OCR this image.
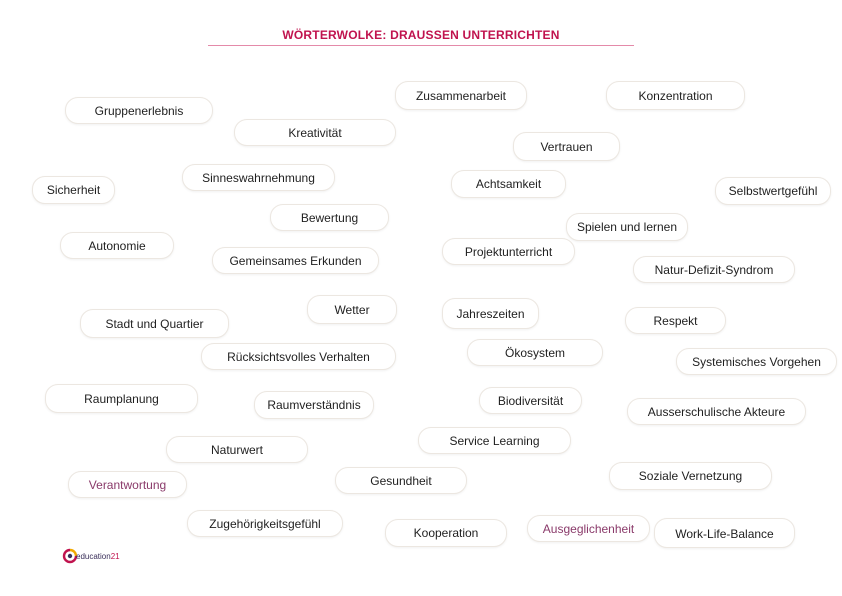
WÖRTERWOLKE: DRAUSSEN UNTERRICHTEN
Zusammenarbeit	Konzentration
Gruppenerlebnis
Kreativität
Vertrauen
Sinneswahrnehmung	Achtsamkeit
Sicherheit	Selbstwertgefühl
Bewertung
Spielen und lernen
Autonomie	Projektunterricht
Gemeinsames Erkunden
Natur-Defizit-Syndrom
Wetter	Jahreszeiten
Stadt und Quartier	Respekt
Ökosystem
Rücksichtsvolles Verhalten	Systemisches Vorgehen
Raumplanung	Biodiversität
Raumverständnis	Ausserschulische Akteure
Service Learning
Naturwert
Soziale Vernetzung
Gesundheit
Verantwortung
Zugehörigkeitsgefühl	Ausgeglichenheit
Kooperation	Work-Life-Balance
education21
